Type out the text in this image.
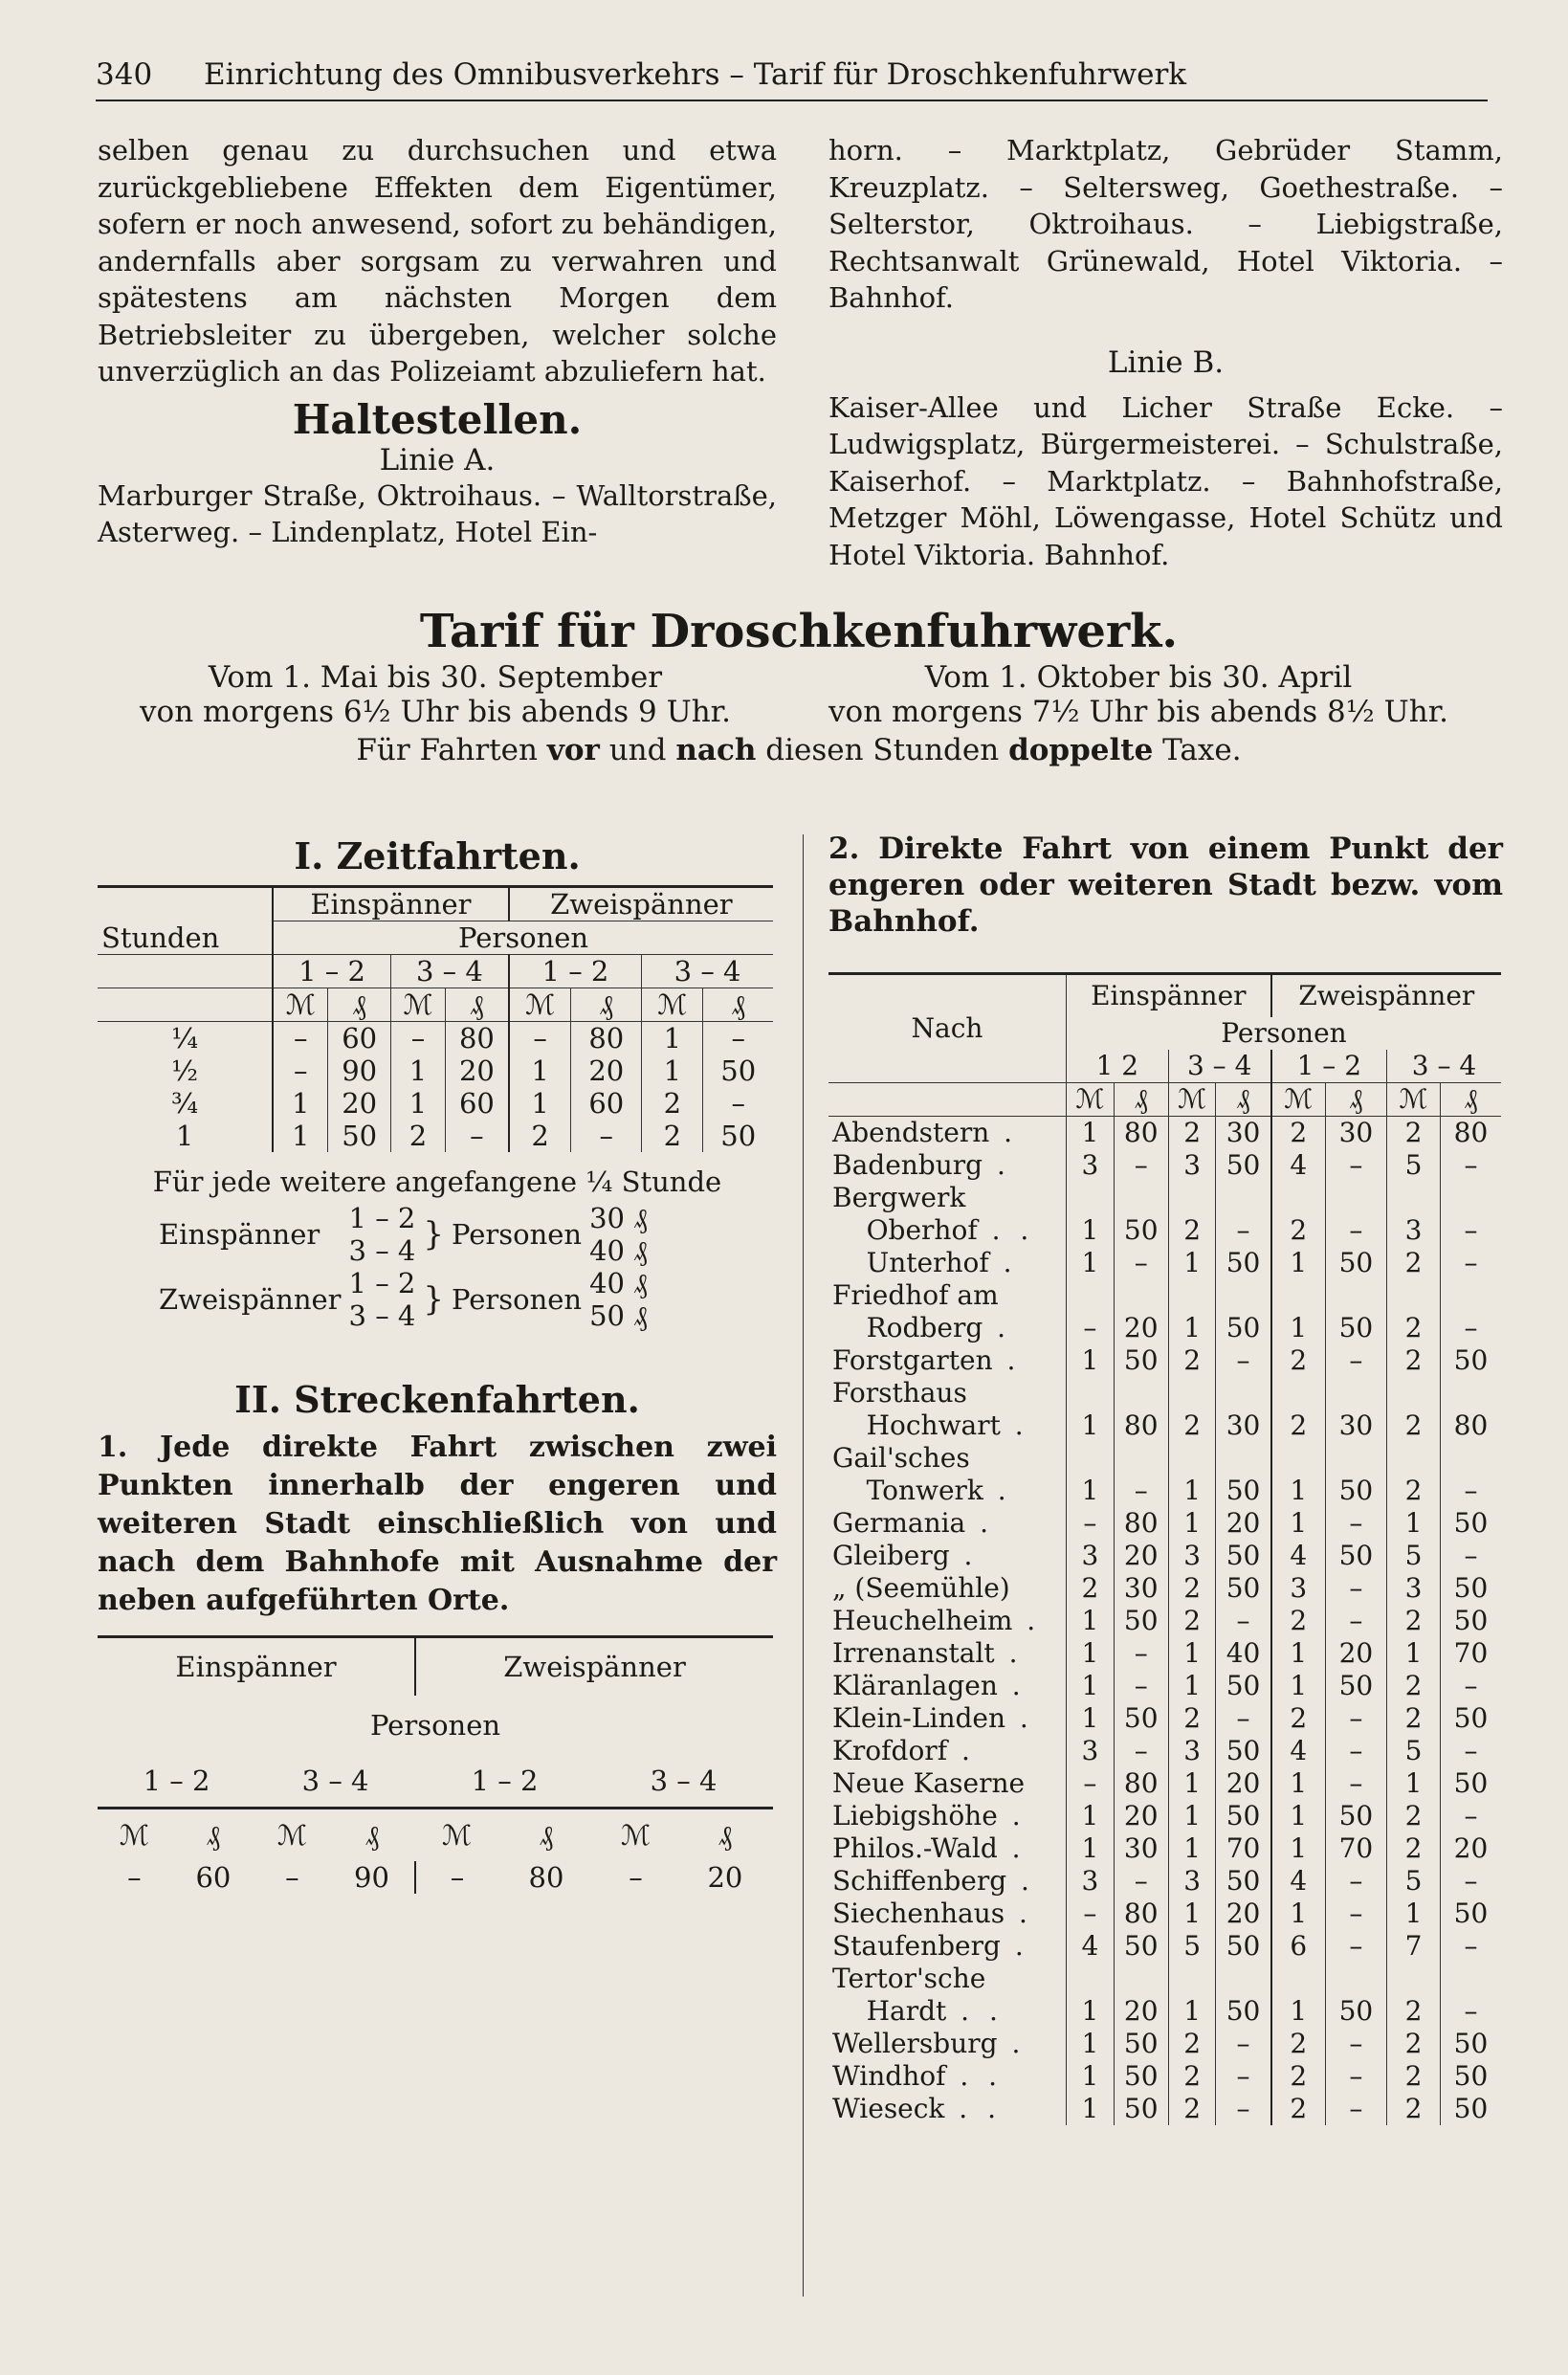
340 Einrichtung des Omnibusverkehrs – Tarif für Droschkenfuhrwerk

selben genau zu durchsuchen und etwa zurückgebliebene Effekten dem Eigentümer, sofern er noch anwesend, sofort zu behändigen, andernfalls aber sorgsam zu verwahren und spätestens am nächsten Morgen dem Betriebsleiter zu übergeben, welcher solche unverzüglich an das Polizeiamt abzuliefern hat.

Haltestellen.
Linie A.

Marburger Straße, Oktroihaus. – Walltorstraße, Asterweg. – Lindenplatz, Hotel Ein-

horn. – Marktplatz, Gebrüder Stamm, Kreuzplatz. – Seltersweg, Goethestraße. – Selterstor, Oktroihaus. – Liebigstraße, Rechtsanwalt Grünewald, Hotel Viktoria. – Bahnhof.

Linie B.

Kaiser-Allee und Licher Straße Ecke. – Ludwigsplatz, Bürgermeisterei. – Schulstraße, Kaiserhof. – Marktplatz. – Bahnhofstraße, Metzger Möhl, Löwengasse, Hotel Schütz und Hotel Viktoria. Bahnhof.

Tarif für Droschkenfuhrwerk.
Vom 1. Mai bis 30. September
von morgens 6½ Uhr bis abends 9 Uhr.
Vom 1. Oktober bis 30. April
von morgens 7½ Uhr bis abends 8½ Uhr.
Für Fahrten vor und nach diesen Stunden doppelte Taxe.
I. Zeitfahrten.
Stunden	Einspänner				Zweispänner			
	Personen							
	1 – 2		3 – 4		1 – 2		3 – 4	
	ℳ	₰	ℳ	₰	ℳ	₰	ℳ	₰
¼	–	60	–	80	–	80	1	–
½	–	90	1	20	1	20	1	50
¾	1	20	1	60	1	60	2	–
1	1	50	2	–	2	–	2	50
Für jede weitere angefangene ¼ Stunde
Einspänner	1 – 2	}	Personen	30 ₰
	3 – 4			40 ₰
Zweispänner	1 – 2	}	Personen	40 ₰
	3 – 4			50 ₰
II. Streckenfahrten.

1. Jede direkte Fahrt zwischen zwei Punkten innerhalb der engeren und weiteren Stadt einschließlich von und nach dem Bahnhofe mit Ausnahme der neben aufgeführten Orte.

Einspänner				Zweispänner			
Personen							
1 – 2		3 – 4		1 – 2		3 – 4	
ℳ	₰	ℳ	₰	ℳ	₰	ℳ	₰
–	60	–	90	–	80	–	20

2. Direkte Fahrt von einem Punkt der engeren oder weiteren Stadt bezw. vom Bahnhof.

Nach	Einspänner				Zweispänner			
	Personen							
	1 2		3 – 4		1 – 2		3 – 4	
	ℳ	₰	ℳ	₰	ℳ	₰	ℳ	₰
Abendstern .	1	80	2	30	2	30	2	80
Badenburg .	3	–	3	50	4	–	5	–
Bergwerk								
Oberhof . .	1	50	2	–	2	–	3	–
Unterhof .	1	–	1	50	1	50	2	–
Friedhof am								
Rodberg .	–	20	1	50	1	50	2	–
Forstgarten .	1	50	2	–	2	–	2	50
Forsthaus								
Hochwart .	1	80	2	30	2	30	2	80
Gail'sches								
Tonwerk .	1	–	1	50	1	50	2	–
Germania .	–	80	1	20	1	–	1	50
Gleiberg .	3	20	3	50	4	50	5	–
„ (Seemühle)	2	30	2	50	3	–	3	50
Heuchelheim .	1	50	2	–	2	–	2	50
Irrenanstalt .	1	–	1	40	1	20	1	70
Kläranlagen .	1	–	1	50	1	50	2	–
Klein-Linden .	1	50	2	–	2	–	2	50
Krofdorf .	3	–	3	50	4	–	5	–
Neue Kaserne	–	80	1	20	1	–	1	50
Liebigshöhe .	1	20	1	50	1	50	2	–
Philos.-Wald .	1	30	1	70	1	70	2	20
Schiffenberg .	3	–	3	50	4	–	5	–
Siechenhaus .	–	80	1	20	1	–	1	50
Staufenberg .	4	50	5	50	6	–	7	–
Tertor'sche								
Hardt . .	1	20	1	50	1	50	2	–
Wellersburg .	1	50	2	–	2	–	2	50
Windhof . .	1	50	2	–	2	–	2	50
Wieseck . .	1	50	2	–	2	–	2	50
